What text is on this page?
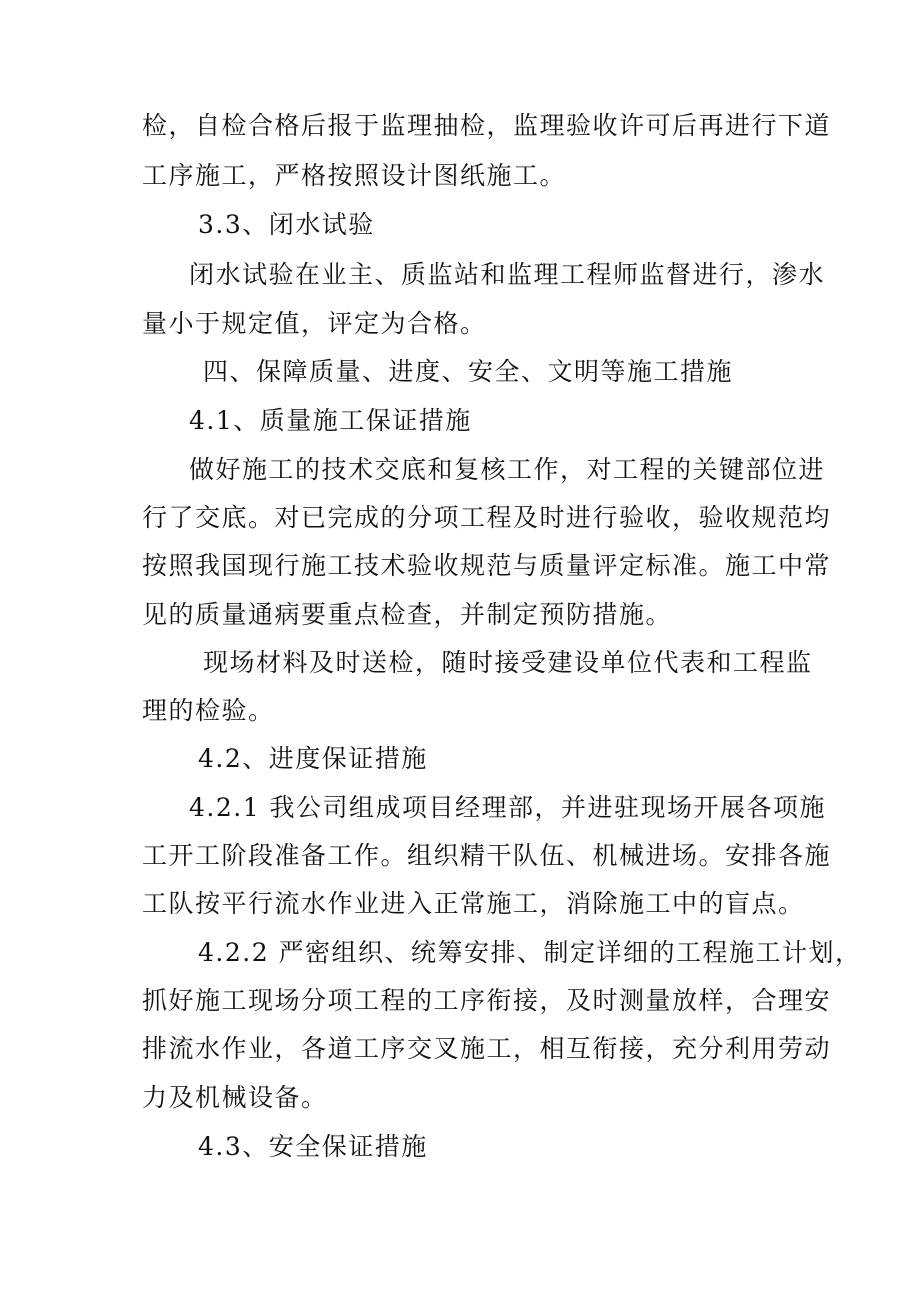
检，自检合格后报于监理抽检，监理验收许可后再进行下道
工序施工，严格按照设计图纸施工。
3.3、闭水试验
闭水试验在业主、质监站和监理工程师监督进行，渗水
量小于规定值，评定为合格。
四、保障质量、进度、安全、文明等施工措施
4.1、质量施工保证措施
做好施工的技术交底和复核工作，对工程的关键部位进
行了交底。对已完成的分项工程及时进行验收，验收规范均
按照我国现行施工技术验收规范与质量评定标准。施工中常
见的质量通病要重点检查，并制定预防措施。
现场材料及时送检，随时接受建设单位代表和工程监
理的检验。
4.2、进度保证措施
4.2.1 我公司组成项目经理部，并进驻现场开展各项施
工开工阶段准备工作。组织精干队伍、机械进场。安排各施
工队按平行流水作业进入正常施工，消除施工中的盲点。
4.2.2 严密组织、统筹安排、制定详细的工程施工计划，
抓好施工现场分项工程的工序衔接，及时测量放样，合理安
排流水作业，各道工序交叉施工，相互衔接，充分利用劳动
力及机械设备。
4.3、安全保证措施
